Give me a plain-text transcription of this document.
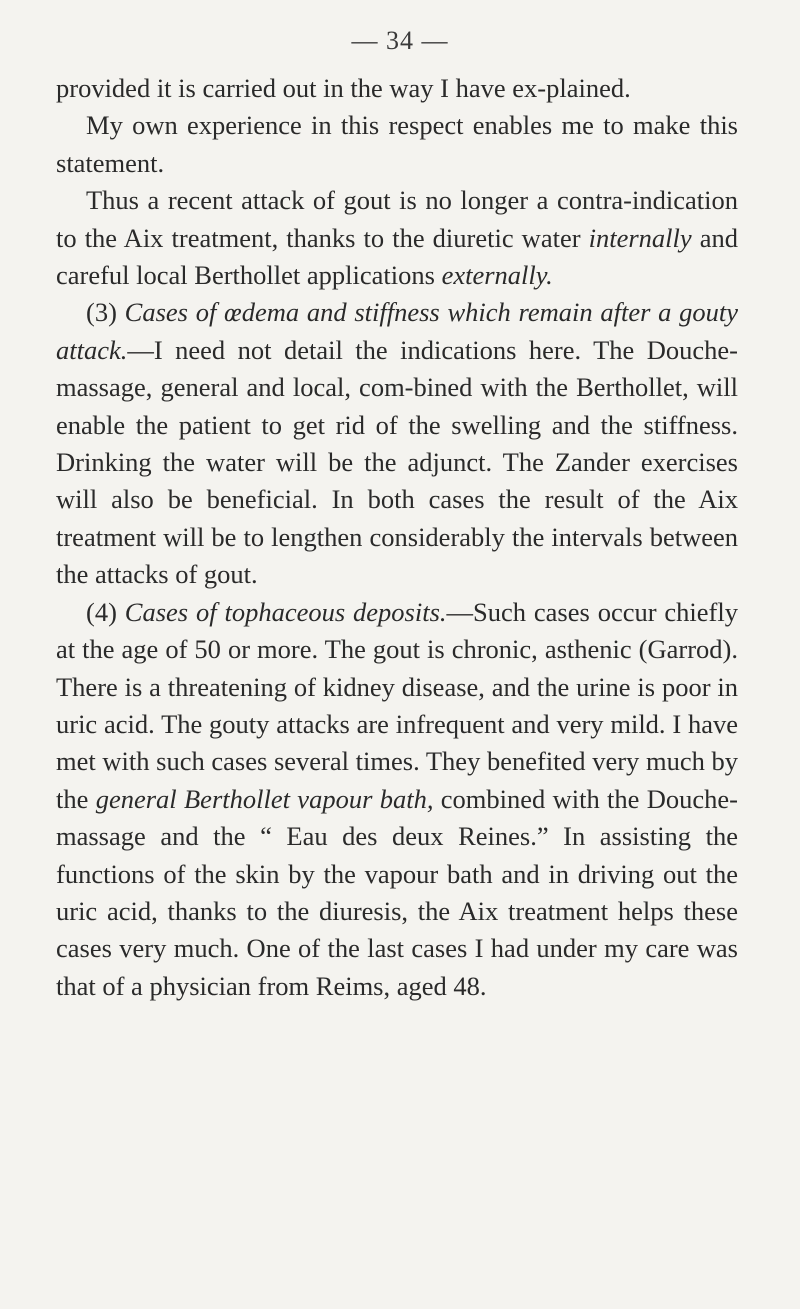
— 34 —

provided it is carried out in the way I have ex-plained.

My own experience in this respect enables me to make this statement.

Thus a recent attack of gout is no longer a contra-indication to the Aix treatment, thanks to the diuretic water internally and careful local Berthollet applications externally.

(3) Cases of œdema and stiffness which remain after a gouty attack.—I need not detail the indications here. The Douche-massage, general and local, com-bined with the Berthollet, will enable the patient to get rid of the swelling and the stiffness. Drinking the water will be the adjunct. The Zander exercises will also be beneficial. In both cases the result of the Aix treatment will be to lengthen considerably the intervals between the attacks of gout.

(4) Cases of tophaceous deposits.—Such cases occur chiefly at the age of 50 or more. The gout is chronic, asthenic (Garrod). There is a threatening of kidney disease, and the urine is poor in uric acid. The gouty attacks are infrequent and very mild. I have met with such cases several times. They benefited very much by the general Berthollet vapour bath, combined with the Douche-massage and the “ Eau des deux Reines.” In assisting the functions of the skin by the vapour bath and in driving out the uric acid, thanks to the diuresis, the Aix treatment helps these cases very much. One of the last cases I had under my care was that of a physician from Reims, aged 48.
